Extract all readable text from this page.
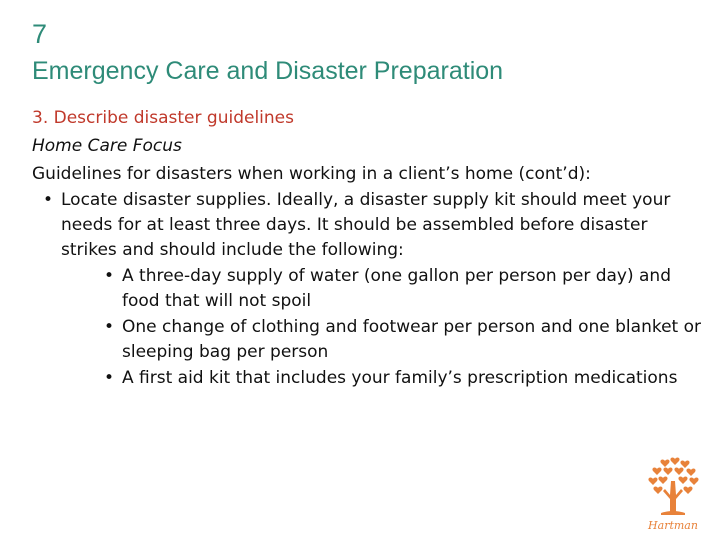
7
Emergency Care and Disaster Preparation
3. Describe disaster guidelines
Home Care Focus
Guidelines for disasters when working in a client’s home (cont’d):
• Locate disaster supplies. Ideally, a disaster supply kit should meet your needs for at least three days. It should be assembled before disaster strikes and should include the following:
• A three-day supply of water (one gallon per person per day) and food that will not spoil
• One change of clothing and footwear per person and one blanket or sleeping bag per person
• A first aid kit that includes your family’s prescription medications
Hartman
